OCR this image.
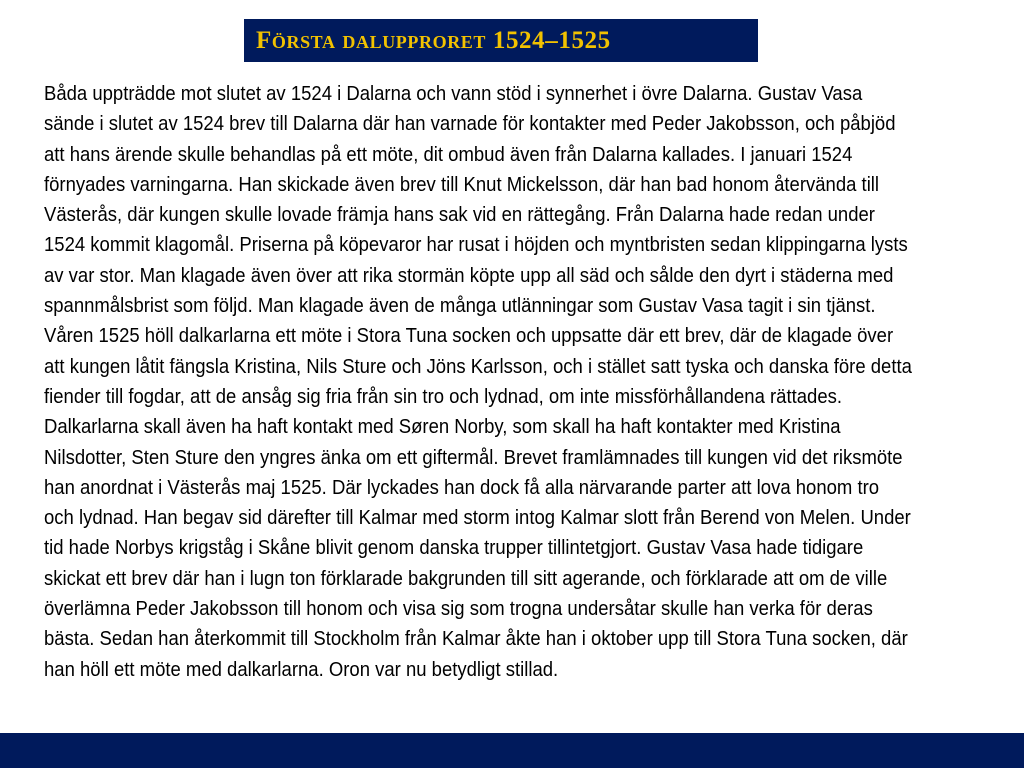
Första dalupproret 1524–1525

Båda uppträdde mot slutet av 1524 i Dalarna och vann stöd i synnerhet i övre Dalarna. Gustav Vasa sände i slutet av 1524 brev till Dalarna där han varnade för kontakter med Peder Jakobsson, och påbjöd att hans ärende skulle behandlas på ett möte, dit ombud även från Dalarna kallades. I januari 1524 förnyades varningarna. Han skickade även brev till Knut Mickelsson, där han bad honom återvända till Västerås, där kungen skulle lovade främja hans sak vid en rättegång. Från Dalarna hade redan under 1524 kommit klagomål. Priserna på köpevaror har rusat i höjden och myntbristen sedan klippingarna lysts av var stor. Man klagade även över att rika stormän köpte upp all säd och sålde den dyrt i städerna med spannmålsbrist som följd. Man klagade även de många utlänningar som Gustav Vasa tagit i sin tjänst. Våren 1525 höll dalkarlarna ett möte i Stora Tuna socken och uppsatte där ett brev, där de klagade över att kungen låtit fängsla Kristina, Nils Sture och Jöns Karlsson, och i stället satt tyska och danska före detta fiender till fogdar, att de ansåg sig fria från sin tro och lydnad, om inte missförhållandena rättades. Dalkarlarna skall även ha haft kontakt med Søren Norby, som skall ha haft kontakter med Kristina Nilsdotter, Sten Sture den yngres änka om ett giftermål. Brevet framlämnades till kungen vid det riksmöte han anordnat i Västerås maj 1525. Där lyckades han dock få alla närvarande parter att lova honom tro och lydnad. Han begav sid därefter till Kalmar med storm intog Kalmar slott från Berend von Melen. Under tid hade Norbys krigståg i Skåne blivit genom danska trupper tillintetgjort. Gustav Vasa hade tidigare skickat ett brev där han i lugn ton förklarade bakgrunden till sitt agerande, och förklarade att om de ville överlämna Peder Jakobsson till honom och visa sig som trogna undersåtar skulle han verka för deras bästa. Sedan han återkommit till Stockholm från Kalmar åkte han i oktober upp till Stora Tuna socken, där han höll ett möte med dalkarlarna. Oron var nu betydligt stillad.
